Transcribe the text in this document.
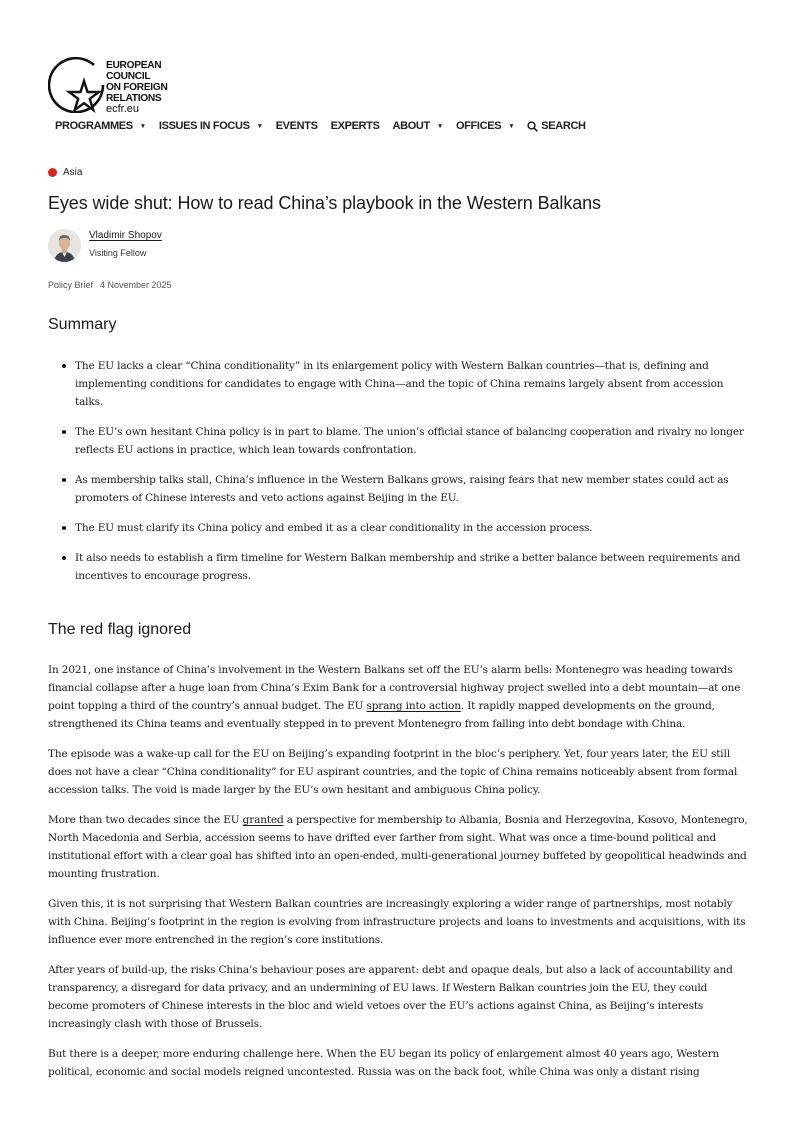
EUROPEAN
COUNCIL
ON FOREIGN
RELATIONS
ecfr.eu
PROGRAMMES ▼ ISSUES IN FOCUS ▼ EVENTS EXPERTS ABOUT ▼ OFFICES ▼ SEARCH
Asia
Eyes wide shut: How to read China’s playbook in the Western Balkans
Vladimir Shopov
Visiting Fellow
Policy Brief 4 November 2025
Summary
The EU lacks a clear “China conditionality” in its enlargement policy with Western Balkan countries—that is, defining and implementing conditions for candidates to engage with China—and the topic of China remains largely absent from accession talks.
The EU’s own hesitant China policy is in part to blame. The union’s official stance of balancing cooperation and rivalry no longer reflects EU actions in practice, which lean towards confrontation.
As membership talks stall, China’s influence in the Western Balkans grows, raising fears that new member states could act as promoters of Chinese interests and veto actions against Beijing in the EU.
The EU must clarify its China policy and embed it as a clear conditionality in the accession process.
It also needs to establish a firm timeline for Western Balkan membership and strike a better balance between requirements and incentives to encourage progress.
The red flag ignored

In 2021, one instance of China’s involvement in the Western Balkans set off the EU’s alarm bells: Montenegro was heading towards financial collapse after a huge loan from China’s Exim Bank for a controversial highway project swelled into a debt mountain—at one point topping a third of the country’s annual budget. The EU sprang into action. It rapidly mapped developments on the ground, strengthened its China teams and eventually stepped in to prevent Montenegro from falling into debt bondage with China.

The episode was a wake-up call for the EU on Beijing’s expanding footprint in the bloc’s periphery. Yet, four years later, the EU still does not have a clear “China conditionality” for EU aspirant countries, and the topic of China remains noticeably absent from formal accession talks. The void is made larger by the EU’s own hesitant and ambiguous China policy.

More than two decades since the EU granted a perspective for membership to Albania, Bosnia and Herzegovina, Kosovo, Montenegro, North Macedonia and Serbia, accession seems to have drifted ever farther from sight. What was once a time-bound political and institutional effort with a clear goal has shifted into an open-ended, multi-generational journey buffeted by geopolitical headwinds and mounting frustration.

Given this, it is not surprising that Western Balkan countries are increasingly exploring a wider range of partnerships, most notably with China. Beijing’s footprint in the region is evolving from infrastructure projects and loans to investments and acquisitions, with its influence ever more entrenched in the region’s core institutions.

After years of build-up, the risks China’s behaviour poses are apparent: debt and opaque deals, but also a lack of accountability and transparency, a disregard for data privacy, and an undermining of EU laws. If Western Balkan countries join the EU, they could become promoters of Chinese interests in the bloc and wield vetoes over the EU’s actions against China, as Beijing’s interests increasingly clash with those of Brussels.

But there is a deeper, more enduring challenge here. When the EU began its policy of enlargement almost 40 years ago, Western political, economic and social models reigned uncontested. Russia was on the back foot, while China was only a distant rising
